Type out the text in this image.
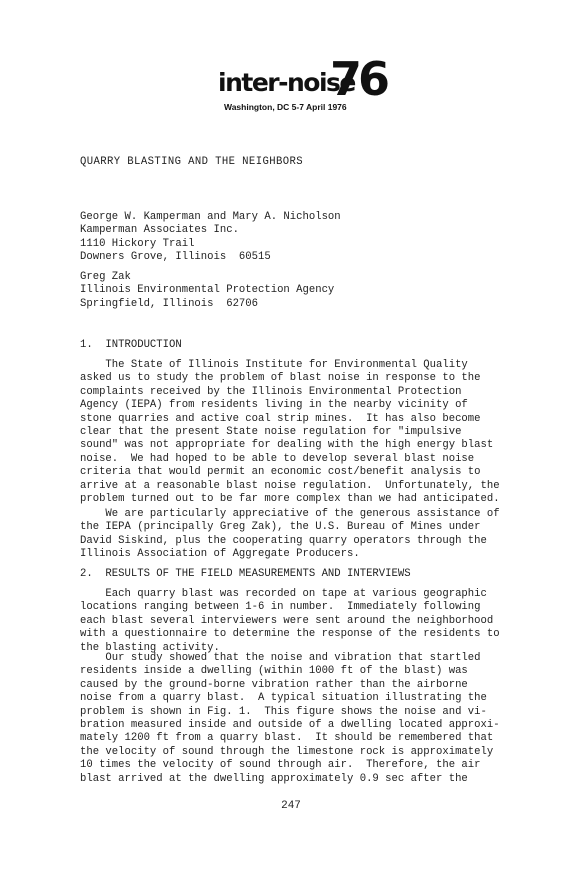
inter-noise
76
Washington, DC 5-7 April 1976

QUARRY BLASTING AND THE NEIGHBORS

George W. Kamperman and Mary A. Nicholson
Kamperman Associates Inc.
1110 Hickory Trail
Downers Grove, Illinois  60515

Greg Zak
Illinois Environmental Protection Agency
Springfield, Illinois  62706

1.  INTRODUCTION

The State of Illinois Institute for Environmental Quality
asked us to study the problem of blast noise in response to the
complaints received by the Illinois Environmental Protection
Agency (IEPA) from residents living in the nearby vicinity of
stone quarries and active coal strip mines.  It has also become
clear that the present State noise regulation for "impulsive
sound" was not appropriate for dealing with the high energy blast
noise.  We had hoped to be able to develop several blast noise
criteria that would permit an economic cost/benefit analysis to
arrive at a reasonable blast noise regulation.  Unfortunately, the
problem turned out to be far more complex than we had anticipated.

We are particularly appreciative of the generous assistance of
the IEPA (principally Greg Zak), the U.S. Bureau of Mines under
David Siskind, plus the cooperating quarry operators through the
Illinois Association of Aggregate Producers.

2.  RESULTS OF THE FIELD MEASUREMENTS AND INTERVIEWS

Each quarry blast was recorded on tape at various geographic
locations ranging between 1-6 in number.  Immediately following
each blast several interviewers were sent around the neighborhood
with a questionnaire to determine the response of the residents to
the blasting activity.

Our study showed that the noise and vibration that startled
residents inside a dwelling (within 1000 ft of the blast) was
caused by the ground-borne vibration rather than the airborne
noise from a quarry blast.  A typical situation illustrating the
problem is shown in Fig. 1.  This figure shows the noise and vi-
bration measured inside and outside of a dwelling located approxi-
mately 1200 ft from a quarry blast.  It should be remembered that
the velocity of sound through the limestone rock is approximately
10 times the velocity of sound through air.  Therefore, the air
blast arrived at the dwelling approximately 0.9 sec after the

247
